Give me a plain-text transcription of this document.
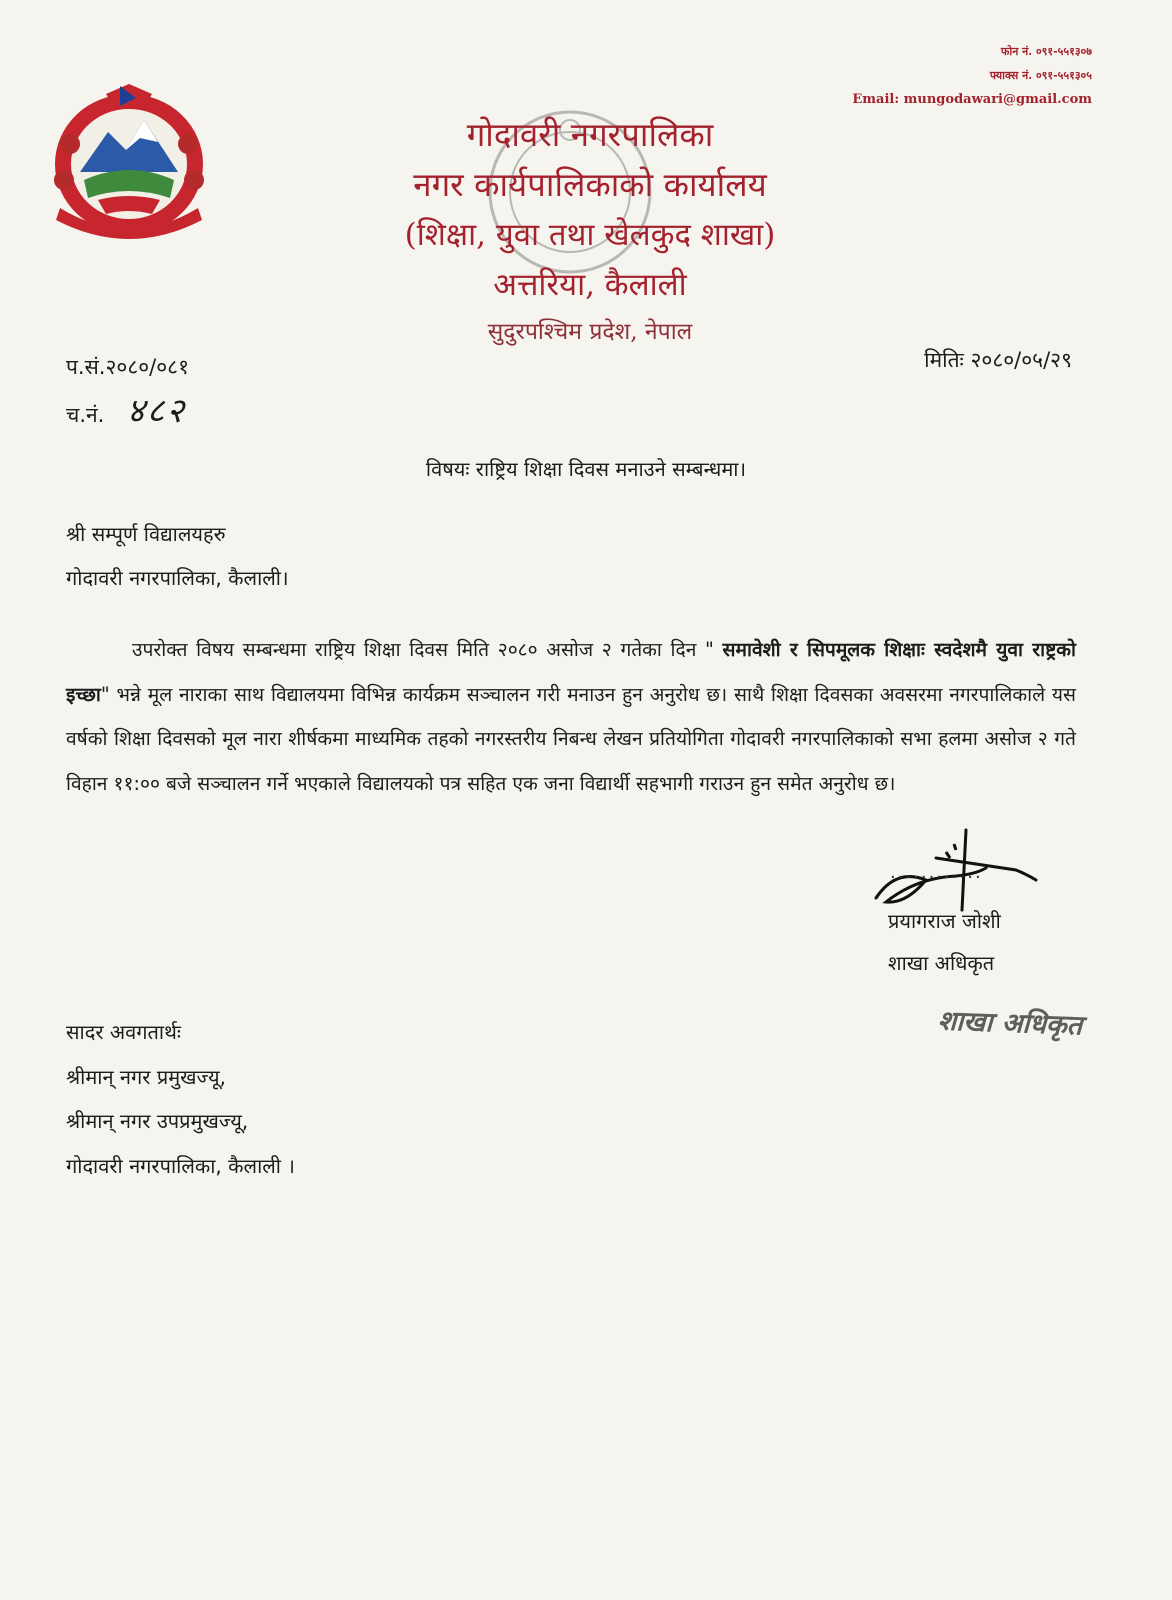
फोन नं. ०९१-५५१३०७
फ्याक्स नं. ०९१-५५१३०५
Email: mungodawari@gmail.com
गोदावरी नगरपालिका
नगर कार्यपालिकाको कार्यालय
(शिक्षा, युवा तथा खेलकुद शाखा)
अत्तरिया, कैलाली
सुदुरपश्चिम प्रदेश, नेपाल
प.सं.२०८०/०८१
च.नं. ४८२
मितिः २०८०/०५/२९
विषयः राष्ट्रिय शिक्षा दिवस मनाउने सम्बन्धमा।
श्री सम्पूर्ण विद्यालयहरु
गोदावरी नगरपालिका, कैलाली।
उपरोक्त विषय सम्बन्धमा राष्ट्रिय शिक्षा दिवस मिति २०८० असोज २ गतेका दिन " समावेशी र सिपमूलक शिक्षाः स्वदेशमै युवा राष्ट्रको इच्छा" भन्ने मूल नाराका साथ विद्यालयमा विभिन्न कार्यक्रम सञ्चालन गरी मनाउन हुन अनुरोध छ। साथै शिक्षा दिवसका अवसरमा नगरपालिकाले यस वर्षको शिक्षा दिवसको मूल नारा शीर्षकमा माध्यमिक तहको नगरस्तरीय निबन्ध लेखन प्रतियोगिता गोदावरी नगरपालिकाको सभा हलमा असोज २ गते विहान ११:०० बजे सञ्चालन गर्ने भएकाले विद्यालयको पत्र सहित एक जना विद्यार्थी सहभागी गराउन हुन समेत अनुरोध छ।
............
प्रयागराज जोशी
शाखा अधिकृत
शाखा अधिकृत
सादर अवगतार्थः
श्रीमान् नगर प्रमुखज्यू,
श्रीमान् नगर उपप्रमुखज्यू,
गोदावरी नगरपालिका, कैलाली ।
